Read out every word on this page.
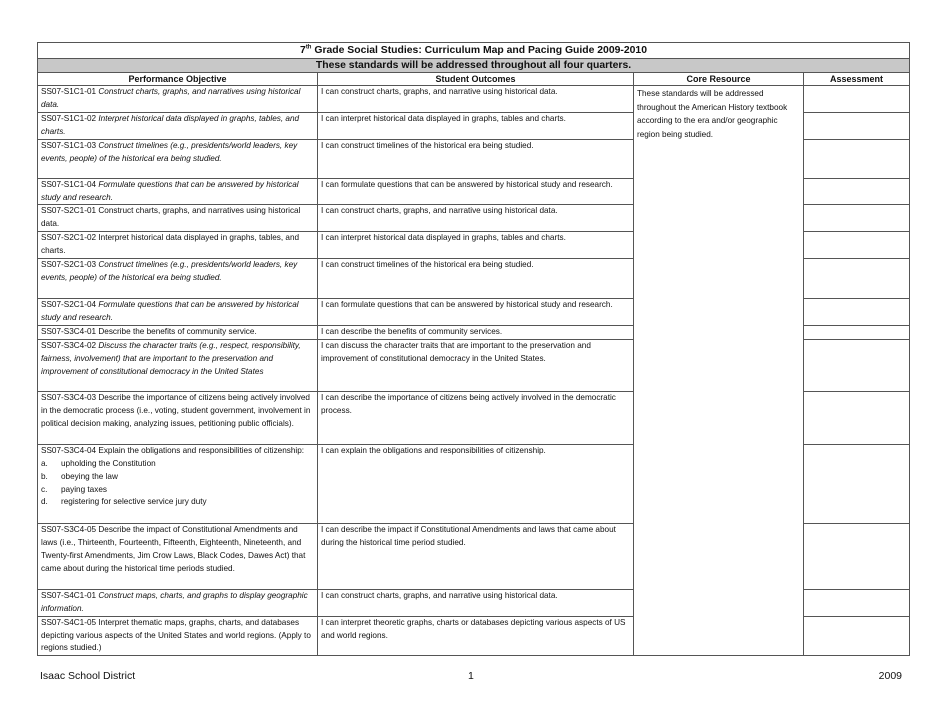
7th Grade Social Studies: Curriculum Map and Pacing Guide 2009-2010			
These standards will be addressed throughout all four quarters.			
Performance Objective	Student Outcomes	Core Resource	Assessment
SS07-S1C1-01 Construct charts, graphs, and narratives using historical data.	I can construct charts, graphs, and narrative using historical data.	These standards will be addressed throughout the American History textbook according to the era and/or geographic region being studied.	
SS07-S1C1-02 Interpret historical data displayed in graphs, tables, and charts.	I can interpret historical data displayed in graphs, tables and charts.		
SS07-S1C1-03 Construct timelines (e.g., presidents/world leaders, key events, people) of the historical era being studied.	I can construct timelines of the historical era being studied.		
SS07-S1C1-04 Formulate questions that can be answered by historical study and research.	I can formulate questions that can be answered by historical study and research.		
SS07-S2C1-01 Construct charts, graphs, and narratives using historical data.	I can construct charts, graphs, and narrative using historical data.		
SS07-S2C1-02 Interpret historical data displayed in graphs, tables, and charts.	I can interpret historical data displayed in graphs, tables and charts.		
SS07-S2C1-03 Construct timelines (e.g., presidents/world leaders, key events, people) of the historical era being studied.	I can construct timelines of the historical era being studied.		
SS07-S2C1-04 Formulate questions that can be answered by historical study and research.	I can formulate questions that can be answered by historical study and research.		
SS07-S3C4-01 Describe the benefits of community service.	I can describe the benefits of community services.		
SS07-S3C4-02 Discuss the character traits (e.g., respect, responsibility, fairness, involvement) that are important to the preservation and improvement of constitutional democracy in the United States	I can discuss the character traits that are important to the preservation and improvement of constitutional democracy in the United States.		
SS07-S3C4-03 Describe the importance of citizens being actively involved in the democratic process (i.e., voting, student government, involvement in political decision making, analyzing issues, petitioning public officials).	I can describe the importance of citizens being actively involved in the democratic process.		
SS07-S3C4-04 Explain the obligations and responsibilities of citizenship:
a. upholding the Constitution
b. obeying the law
c. paying taxes
d. registering for selective service jury duty	I can explain the obligations and responsibilities of citizenship.		
SS07-S3C4-05 Describe the impact of Constitutional Amendments and laws (i.e., Thirteenth, Fourteenth, Fifteenth, Eighteenth, Nineteenth, and Twenty-first Amendments, Jim Crow Laws, Black Codes, Dawes Act) that came about during the historical time periods studied.	I can describe the impact if Constitutional Amendments and laws that came about during the historical time period studied.		
SS07-S4C1-01 Construct maps, charts, and graphs to display geographic information.	I can construct charts, graphs, and narrative using historical data.		
SS07-S4C1-05 Interpret thematic maps, graphs, charts, and databases depicting various aspects of the United States and world regions. (Apply to regions studied.)	I can interpret theoretic graphs, charts or databases depicting various aspects of US and world regions.		
Isaac School District	1	2009
